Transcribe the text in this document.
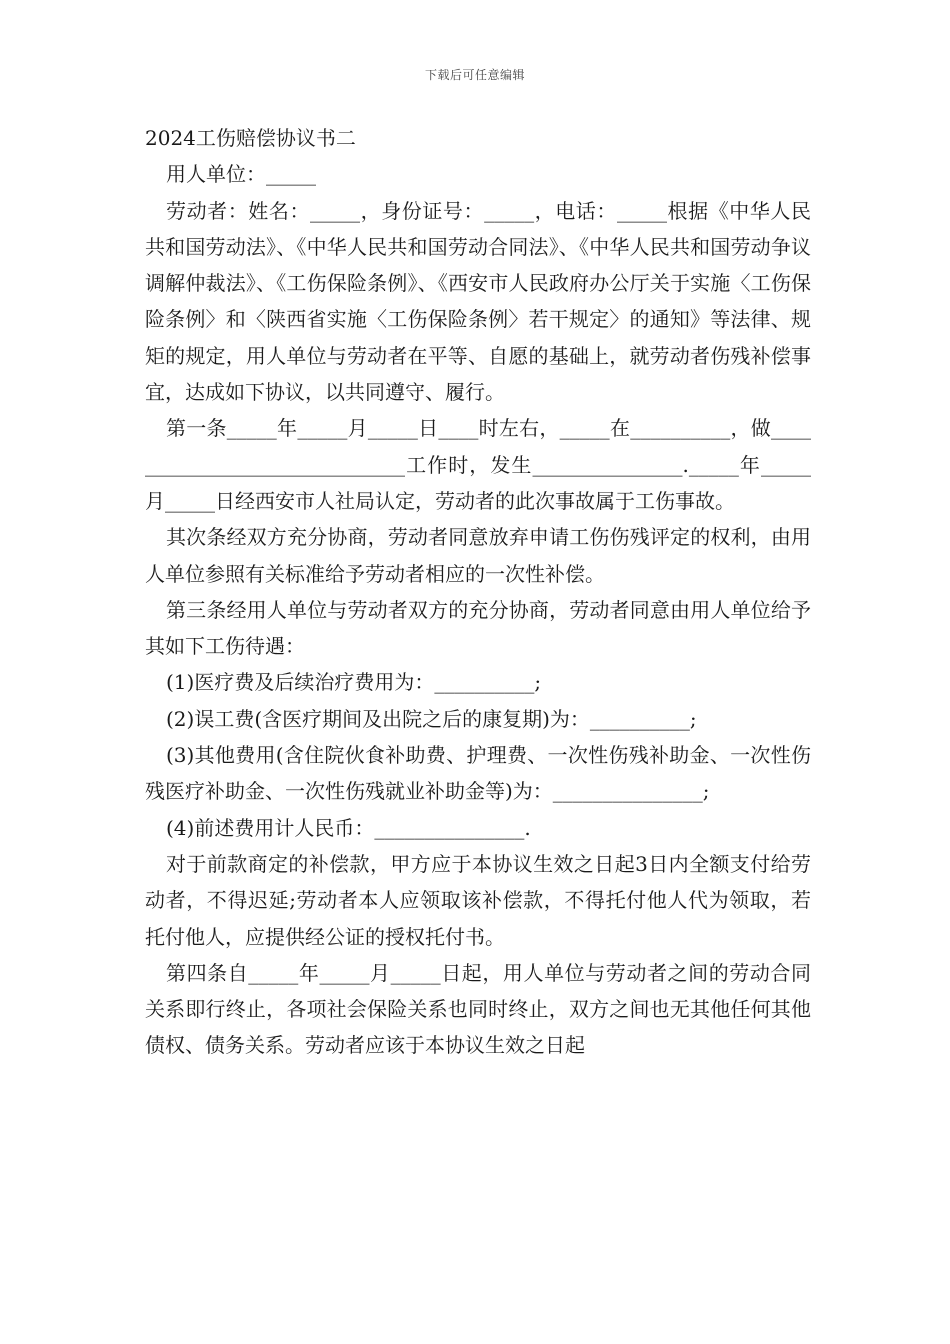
下载后可任意编辑
2024工伤赔偿协议书二

用人单位：_____

劳动者：姓名：_____，身份证号：_____，电话：_____根据《中华人民共和国劳动法》、《中华人民共和国劳动合同法》、《中华人民共和国劳动争议调解仲裁法》、《工伤保险条例》、《西安市人民政府办公厅关于实施〈工伤保险条例〉和〈陕西省实施〈工伤保险条例〉若干规定〉的通知》等法律、规矩的规定，用人单位与劳动者在平等、自愿的基础上，就劳动者伤残补偿事宜，达成如下协议，以共同遵守、履行。

第一条_____年_____月_____日____时左右，_____在__________，做______________________________工作时，发生_______________._____年_____月_____日经西安市人社局认定，劳动者的此次事故属于工伤事故。

其次条经双方充分协商，劳动者同意放弃申请工伤伤残评定的权利，由用人单位参照有关标准给予劳动者相应的一次性补偿。

第三条经用人单位与劳动者双方的充分协商，劳动者同意由用人单位给予其如下工伤待遇：

(1)医疗费及后续治疗费用为：__________;

(2)误工费(含医疗期间及出院之后的康复期)为：__________;

(3)其他费用(含住院伙食补助费、护理费、一次性伤残补助金、一次性伤残医疗补助金、一次性伤残就业补助金等)为：_______________;

(4)前述费用计人民币：_______________.

对于前款商定的补偿款，甲方应于本协议生效之日起3日内全额支付给劳动者，不得迟延;劳动者本人应领取该补偿款，不得托付他人代为领取，若托付他人，应提供经公证的授权托付书。

第四条自_____年_____月_____日起，用人单位与劳动者之间的劳动合同关系即行终止，各项社会保险关系也同时终止，双方之间也无其他任何其他债权、债务关系。劳动者应该于本协议生效之日起
